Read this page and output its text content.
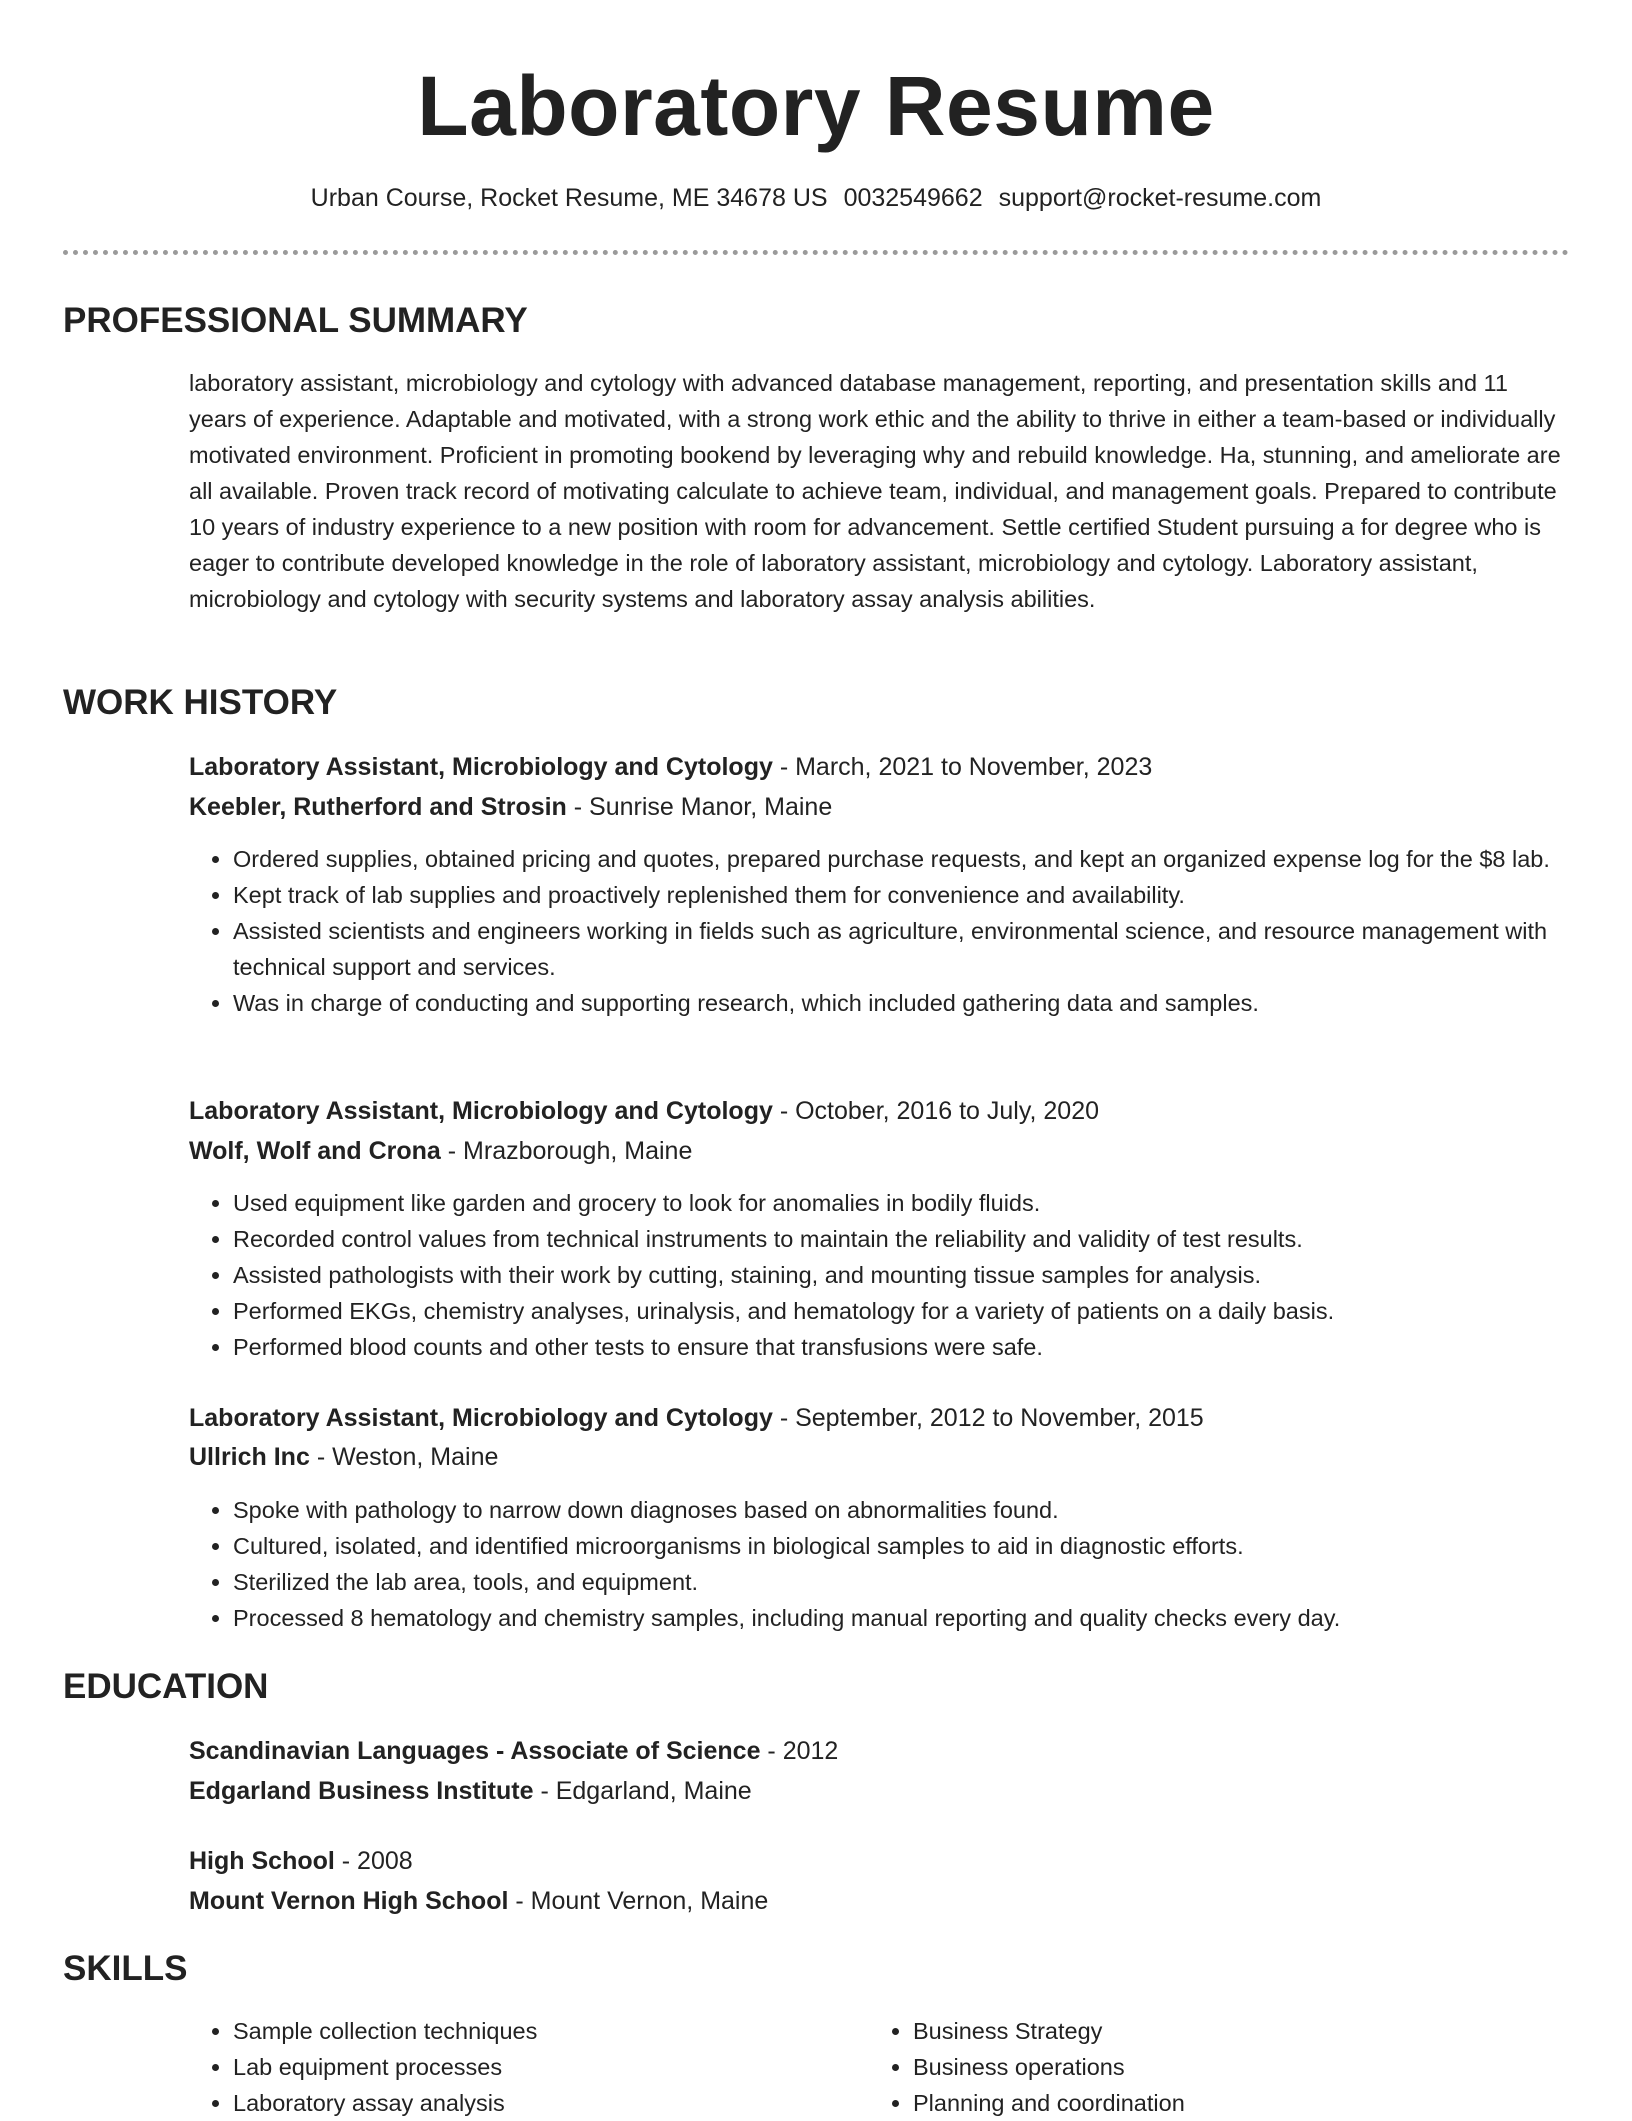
Laboratory Resume
Urban Course, Rocket Resume, ME 34678 US 0032549662 support@rocket-resume.com
PROFESSIONAL SUMMARY
laboratory assistant, microbiology and cytology with advanced database management, reporting, and presentation skills and 11 years of experience. Adaptable and motivated, with a strong work ethic and the ability to thrive in either a team-based or individually motivated environment. Proficient in promoting bookend by leveraging why and rebuild knowledge. Ha, stunning, and ameliorate are all available. Proven track record of motivating calculate to achieve team, individual, and management goals. Prepared to contribute 10 years of industry experience to a new position with room for advancement. Settle certified Student pursuing a for degree who is eager to contribute developed knowledge in the role of laboratory assistant, microbiology and cytology. Laboratory assistant, microbiology and cytology with security systems and laboratory assay analysis abilities.
WORK HISTORY
Laboratory Assistant, Microbiology and Cytology - March, 2021 to November, 2023
Keebler, Rutherford and Strosin - Sunrise Manor, Maine
• Ordered supplies, obtained pricing and quotes, prepared purchase requests, and kept an organized expense log for the $8 lab.
• Kept track of lab supplies and proactively replenished them for convenience and availability.
• Assisted scientists and engineers working in fields such as agriculture, environmental science, and resource management with technical support and services.
• Was in charge of conducting and supporting research, which included gathering data and samples.
Laboratory Assistant, Microbiology and Cytology - October, 2016 to July, 2020
Wolf, Wolf and Crona - Mrazborough, Maine
• Used equipment like garden and grocery to look for anomalies in bodily fluids.
• Recorded control values from technical instruments to maintain the reliability and validity of test results.
• Assisted pathologists with their work by cutting, staining, and mounting tissue samples for analysis.
• Performed EKGs, chemistry analyses, urinalysis, and hematology for a variety of patients on a daily basis.
• Performed blood counts and other tests to ensure that transfusions were safe.
Laboratory Assistant, Microbiology and Cytology - September, 2012 to November, 2015
Ullrich Inc - Weston, Maine
• Spoke with pathology to narrow down diagnoses based on abnormalities found.
• Cultured, isolated, and identified microorganisms in biological samples to aid in diagnostic efforts.
• Sterilized the lab area, tools, and equipment.
• Processed 8 hematology and chemistry samples, including manual reporting and quality checks every day.
EDUCATION
Scandinavian Languages - Associate of Science - 2012
Edgarland Business Institute - Edgarland, Maine
High School - 2008
Mount Vernon High School - Mount Vernon, Maine
SKILLS
• Sample collection techniques
• Lab equipment processes
• Laboratory assay analysis
• Business Strategy
• Business operations
• Planning and coordination
